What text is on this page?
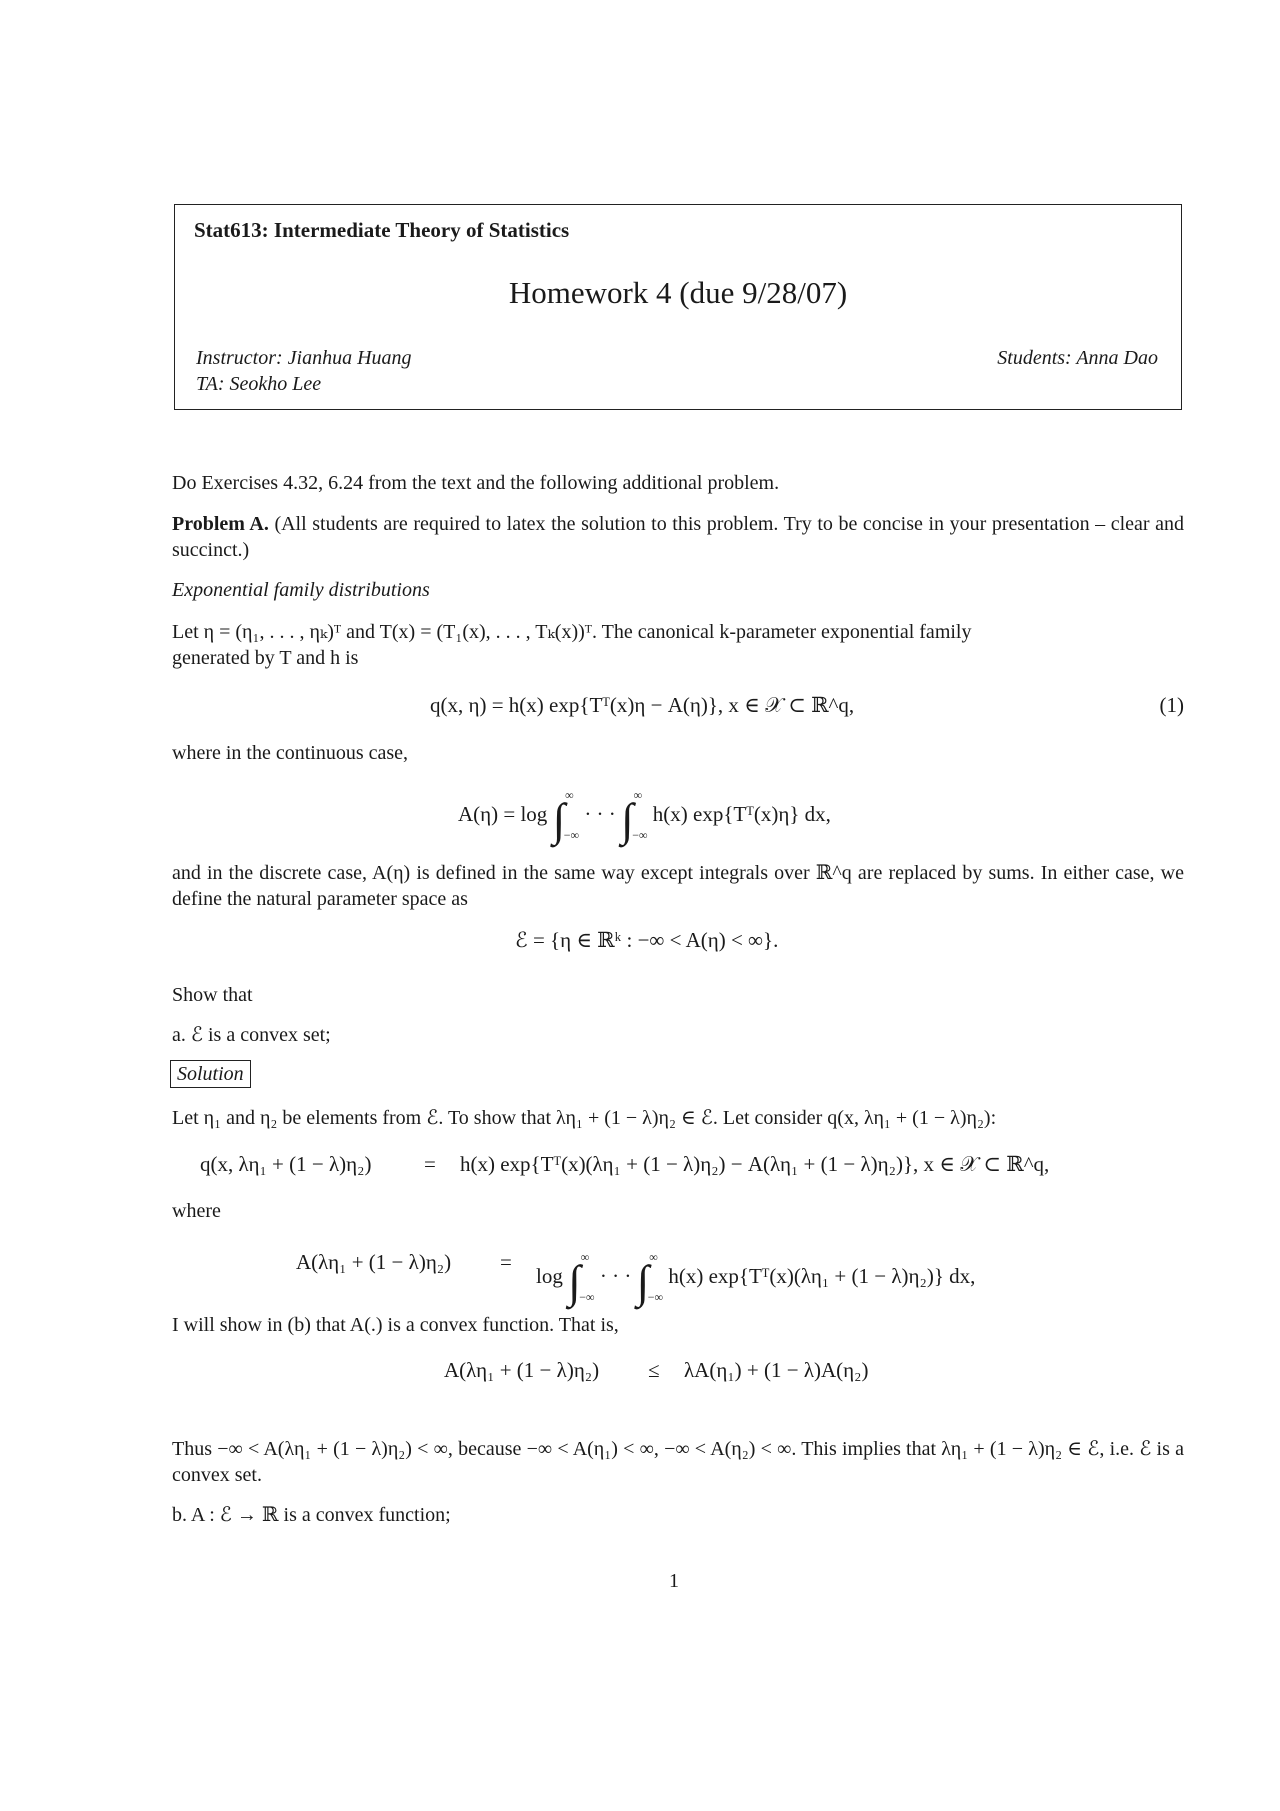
Stat613: Intermediate Theory of Statistics
Homework 4 (due 9/28/07)
Instructor: Jianhua Huang
TA: Seokho Lee
Students: Anna Dao
Do Exercises 4.32, 6.24 from the text and the following additional problem.
Problem A. (All students are required to latex the solution to this problem. Try to be concise in your presentation – clear and succinct.)
Exponential family distributions
Let η = (η₁, . . . , ηₖ)ᵀ and T(x) = (T₁(x), . . . , Tₖ(x))ᵀ. The canonical k-parameter exponential family
generated by T and h is
q(x, η) = h(x) exp{Tᵀ(x)η − A(η)}, x ∈ 𝒳 ⊂ ℝ^q,	(1)
where in the continuous case,
$A(\eta) = \log \int^\infty_{-\infty}$ · · · $\int^\infty_{-\infty}$ h(x) exp{Tᵀ(x)η} dx,
and in the discrete case, A(η) is defined in the same way except integrals over ℝ^q are replaced by sums. In either case, we define the natural parameter space as
ℰ = {η ∈ ℝᵏ : −∞ < A(η) < ∞}.
Show that
a. ℰ is a convex set;
Solution
Let η₁ and η₂ be elements from ℰ. To show that λη₁ + (1 − λ)η₂ ∈ ℰ. Let consider q(x, λη₁ + (1 − λ)η₂):
q(x, λη₁ + (1 − λ)η₂)	= h(x) exp{Tᵀ(x)(λη₁ + (1 − λ)η₂) − A(λη₁ + (1 − λ)η₂)}, x ∈ 𝒳 ⊂ ℝ^q,
where
A(λη₁ + (1 − λ)η₂) =
$\log \int^\infty_{-\infty}$ · · · $\int^\infty_{-\infty}$ h(x) exp{Tᵀ(x)(λη₁ + (1 − λ)η₂)} dx,
I will show in (b) that A(.) is a convex function. That is,
A(λη₁ + (1 − λ)η₂) ≤ λA(η₁) + (1 − λ)A(η₂)
Thus −∞ < A(λη₁ + (1 − λ)η₂) < ∞, because −∞ < A(η₁) < ∞, −∞ < A(η₂) < ∞. This implies that λη₁ + (1 − λ)η₂ ∈ ℰ, i.e. ℰ is a convex set.
b. A : ℰ → ℝ is a convex function;
1
